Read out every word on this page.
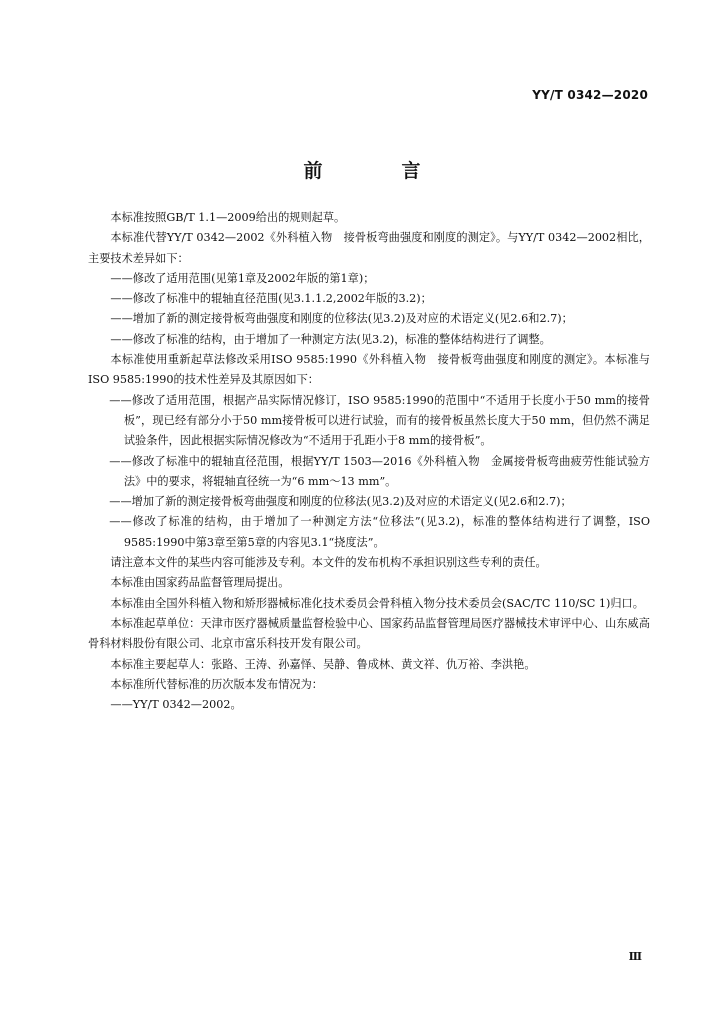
YY/T 0342—2020
前　言

本标准按照GB/T 1.1—2009给出的规则起草。

本标准代替YY/T 0342—2002《外科植入物　接骨板弯曲强度和刚度的测定》。与YY/T 0342—2002相比，主要技术差异如下：

——修改了适用范围(见第1章及2002年版的第1章)；

——修改了标准中的辊轴直径范围(见3.1.1.2,2002年版的3.2)；

——增加了新的测定接骨板弯曲强度和刚度的位移法(见3.2)及对应的术语定义(见2.6和2.7)；

——修改了标准的结构，由于增加了一种测定方法(见3.2)，标准的整体结构进行了调整。

本标准使用重新起草法修改采用ISO 9585:1990《外科植入物　接骨板弯曲强度和刚度的测定》。本标准与ISO 9585:1990的技术性差异及其原因如下：

——修改了适用范围，根据产品实际情况修订，ISO 9585:1990的范围中“不适用于长度小于50 mm的接骨板”，现已经有部分小于50 mm接骨板可以进行试验，而有的接骨板虽然长度大于50 mm，但仍然不满足试验条件，因此根据实际情况修改为“不适用于孔距小于8 mm的接骨板”。

——修改了标准中的辊轴直径范围，根据YY/T 1503—2016《外科植入物　金属接骨板弯曲疲劳性能试验方法》中的要求，将辊轴直径统一为“6 mm～13 mm”。

——增加了新的测定接骨板弯曲强度和刚度的位移法(见3.2)及对应的术语定义(见2.6和2.7)；

——修改了标准的结构，由于增加了一种测定方法“位移法”(见3.2)，标准的整体结构进行了调整，ISO 9585:1990中第3章至第5章的内容见3.1“挠度法”。

请注意本文件的某些内容可能涉及专利。本文件的发布机构不承担识别这些专利的责任。

本标准由国家药品监督管理局提出。

本标准由全国外科植入物和矫形器械标准化技术委员会骨科植入物分技术委员会(SAC/TC 110/SC 1)归口。

本标准起草单位：天津市医疗器械质量监督检验中心、国家药品监督管理局医疗器械技术审评中心、山东威高骨科材料股份有限公司、北京市富乐科技开发有限公司。

本标准主要起草人：张路、王涛、孙嘉怿、吴静、鲁成林、黄文祥、仇万裕、李洪艳。

本标准所代替标准的历次版本发布情况为：

——YY/T 0342—2002。

Ⅲ
